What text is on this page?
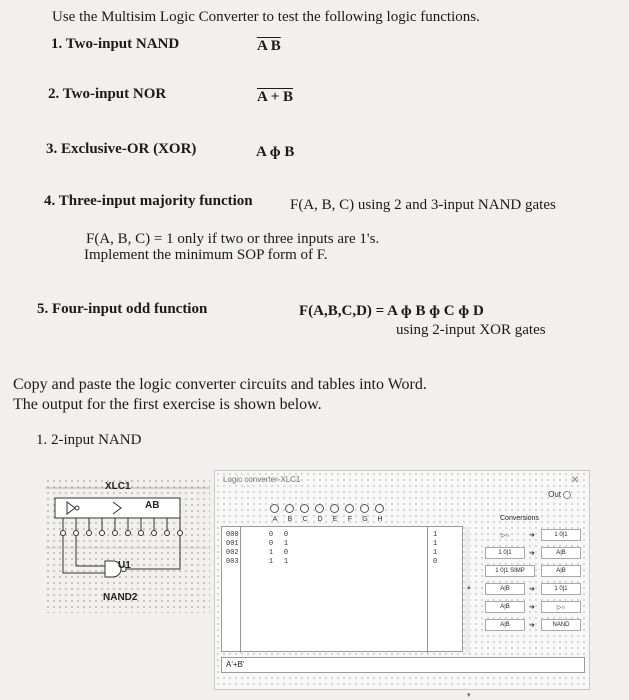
Use the Multisim Logic Converter to test the following logic functions.
1. Two-input NAND	A B
2. Two-input NOR	A + B
3. Exclusive-OR (XOR)	A ɸ B
4. Three-input majority function F(A, B, C) using 2 and 3-input NAND gates
F(A, B, C) = 1 only if two or three inputs are 1's.
Implement the minimum SOP form of F.
5. Four-input odd function	F(A,B,C,D) = A ɸ B ɸ C ɸ D
using 2-input XOR gates
Copy and paste the logic converter circuits and tables into Word.
The output for the first exercise is shown below.
1. 2-input NAND
XLC1
AB
U1
NAND2
Logic converter-XLC1	×
Out
A	B	C	D	E	F	G	H
▴
▾
000	0	0	1
001	0	1	1
002	1	0	1
003	1	1	0
Conversions
▷○	➜	1 0|1
1 0|1	➜	A|B
1 0|1 SIMP	A|B
A|B	➜	1 0|1
A|B	➜	▷○
A|B	➜	NAND
A'+B'
